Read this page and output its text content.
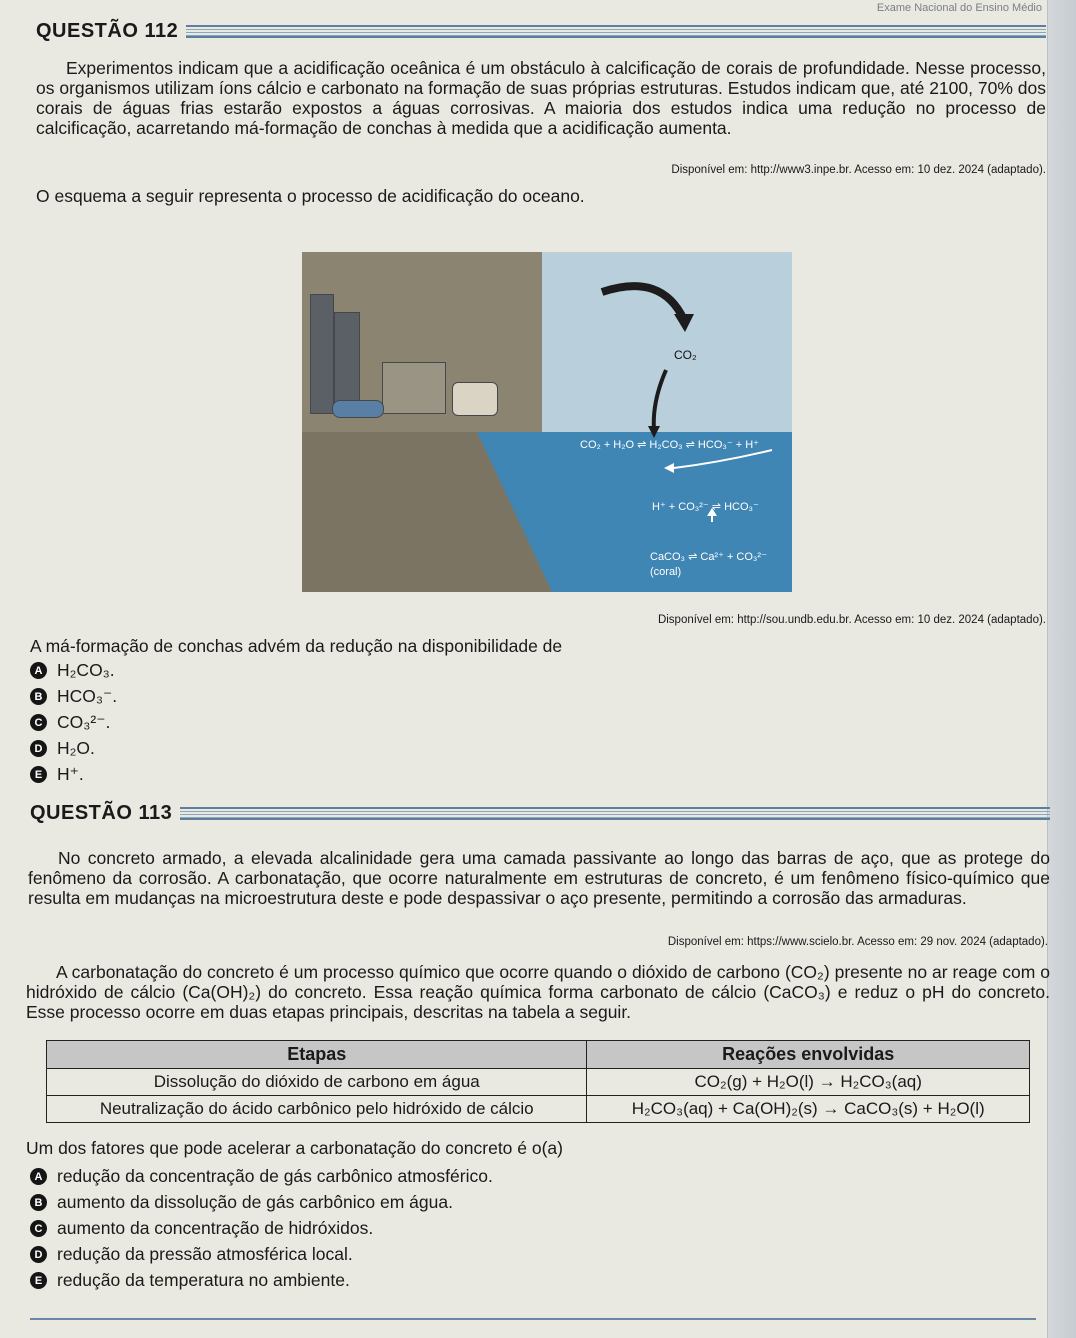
Exame Nacional do Ensino Médio
QUESTÃO 112
Experimentos indicam que a acidificação oceânica é um obstáculo à calcificação de corais de profundidade. Nesse processo, os organismos utilizam íons cálcio e carbonato na formação de suas próprias estruturas. Estudos indicam que, até 2100, 70% dos corais de águas frias estarão expostos a águas corrosivas. A maioria dos estudos indica uma redução no processo de calcificação, acarretando má-formação de conchas à medida que a acidificação aumenta.
Disponível em: http://www3.inpe.br. Acesso em: 10 dez. 2024 (adaptado).
O esquema a seguir representa o processo de acidificação do oceano.
CO₂
CO₂ + H₂O ⇌ H₂CO₃ ⇌ HCO₃⁻ + H⁺
H⁺ + CO₃²⁻ ⇌ HCO₃⁻
CaCO₃ ⇌ Ca²⁺ + CO₃²⁻
(coral)
Disponível em: http://sou.undb.edu.br. Acesso em: 10 dez. 2024 (adaptado).
A má-formação de conchas advém da redução na disponibilidade de
A H₂CO₃.
B HCO₃⁻.
C CO₃²⁻.
D H₂O.
E H⁺.
QUESTÃO 113
No concreto armado, a elevada alcalinidade gera uma camada passivante ao longo das barras de aço, que as protege do fenômeno da corrosão. A carbonatação, que ocorre naturalmente em estruturas de concreto, é um fenômeno físico-químico que resulta em mudanças na microestrutura deste e pode despassivar o aço presente, permitindo a corrosão das armaduras.
Disponível em: https://www.scielo.br. Acesso em: 29 nov. 2024 (adaptado).
A carbonatação do concreto é um processo químico que ocorre quando o dióxido de carbono (CO₂) presente no ar reage com o hidróxido de cálcio (Ca(OH)₂) do concreto. Essa reação química forma carbonato de cálcio (CaCO₃) e reduz o pH do concreto. Esse processo ocorre em duas etapas principais, descritas na tabela a seguir.
Etapas	Reações envolvidas
Dissolução do dióxido de carbono em água	CO₂(g) + H₂O(l) → H₂CO₃(aq)
Neutralização do ácido carbônico pelo hidróxido de cálcio	H₂CO₃(aq) + Ca(OH)₂(s) → CaCO₃(s) + H₂O(l)
Um dos fatores que pode acelerar a carbonatação do concreto é o(a)
A redução da concentração de gás carbônico atmosférico.
B aumento da dissolução de gás carbônico em água.
C aumento da concentração de hidróxidos.
D redução da pressão atmosférica local.
E redução da temperatura no ambiente.
